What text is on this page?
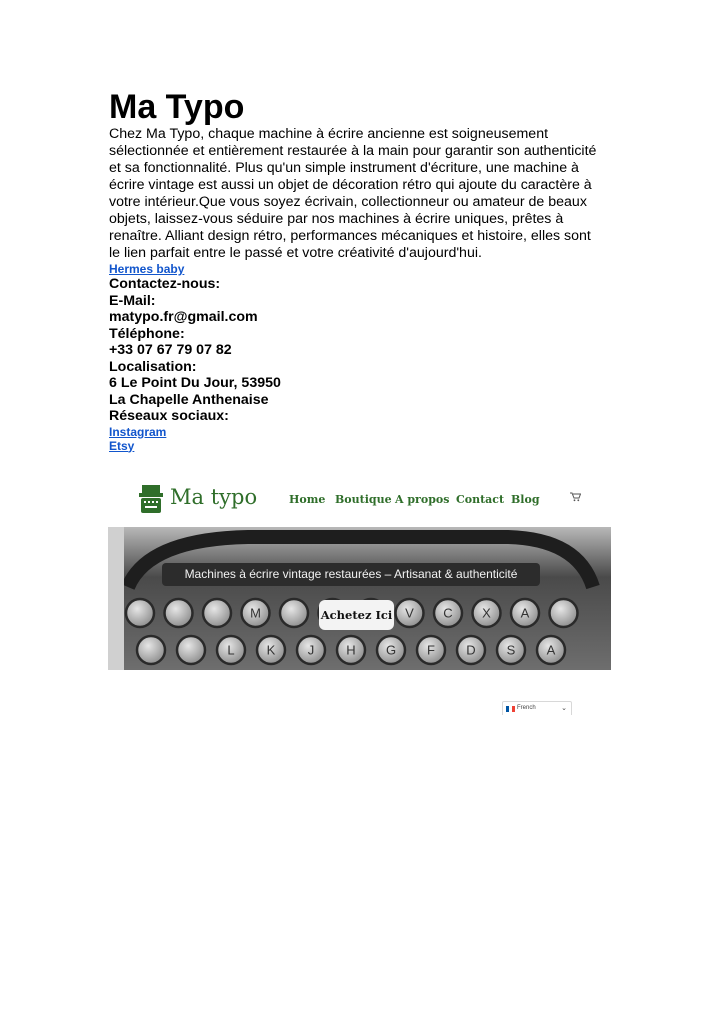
Ma Typo

Chez Ma Typo, chaque machine à écrire ancienne est soigneusement
sélectionnée et entièrement restaurée à la main pour garantir son authenticité
et sa fonctionnalité. Plus qu'un simple instrument d'écriture, une machine à
écrire vintage est aussi un objet de décoration rétro qui ajoute du caractère à
votre intérieur.Que vous soyez écrivain, collectionneur ou amateur de beaux
objets, laissez-vous séduire par nos machines à écrire uniques, prêtes à
renaître. Alliant design rétro, performances mécaniques et histoire, elles sont
le lien parfait entre le passé et votre créativité d'aujourd'hui.

Hermes baby
Contactez-nous:
E-Mail:
matypo.fr@gmail.com
Téléphone:
+33 07 67 79 07 82
Localisation:
6 Le Point Du Jour, 53950
La Chapelle Anthenaise
Réseaux sociaux:
Instagram
Etsy
Ma typo	Home Boutique A propos Contact Blog
M	V C X A
L K J H G F D S A
Machines à écrire vintage restaurées – Artisanat & authenticité
Achetez Ici
French	⌄
